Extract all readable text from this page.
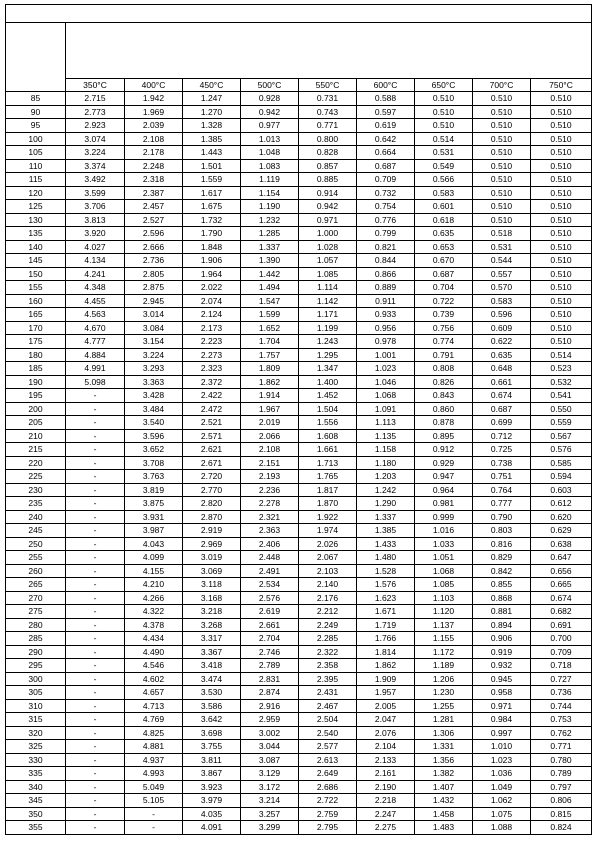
	350°C	400°C	450°C	500°C	550°C	600°C	650°C	700°C	750°C
85	2.715	1.942	1.247	0.928	0.731	0.588	0.510	0.510	0.510
90	2.773	1.969	1.270	0.942	0.743	0.597	0.510	0.510	0.510
95	2.923	2.039	1.328	0.977	0.771	0.619	0.510	0.510	0.510
100	3.074	2.108	1.385	1.013	0.800	0.642	0.514	0.510	0.510
105	3.224	2.178	1.443	1.048	0.828	0.664	0.531	0.510	0.510
110	3.374	2.248	1.501	1.083	0.857	0.687	0.549	0.510	0.510
115	3.492	2.318	1.559	1.119	0.885	0.709	0.566	0.510	0.510
120	3.599	2.387	1.617	1.154	0.914	0.732	0.583	0.510	0.510
125	3.706	2.457	1.675	1.190	0.942	0.754	0.601	0.510	0.510
130	3.813	2.527	1.732	1.232	0.971	0.776	0.618	0.510	0.510
135	3.920	2.596	1.790	1.285	1.000	0.799	0.635	0.518	0.510
140	4.027	2.666	1.848	1.337	1.028	0.821	0.653	0.531	0.510
145	4.134	2.736	1.906	1.390	1.057	0.844	0.670	0.544	0.510
150	4.241	2.805	1.964	1.442	1.085	0.866	0.687	0.557	0.510
155	4.348	2.875	2.022	1.494	1.114	0.889	0.704	0.570	0.510
160	4.455	2.945	2.074	1.547	1.142	0.911	0.722	0.583	0.510
165	4.563	3.014	2.124	1.599	1.171	0.933	0.739	0.596	0.510
170	4.670	3.084	2.173	1.652	1.199	0.956	0.756	0.609	0.510
175	4.777	3.154	2.223	1.704	1.243	0.978	0.774	0.622	0.510
180	4.884	3.224	2.273	1.757	1.295	1.001	0.791	0.635	0.514
185	4.991	3.293	2.323	1.809	1.347	1.023	0.808	0.648	0.523
190	5.098	3.363	2.372	1.862	1.400	1.046	0.826	0.661	0.532
195	-	3.428	2.422	1.914	1.452	1.068	0.843	0.674	0.541
200	-	3.484	2.472	1.967	1.504	1.091	0.860	0.687	0.550
205	-	3.540	2.521	2.019	1.556	1.113	0.878	0.699	0.559
210	-	3.596	2.571	2.066	1.608	1.135	0.895	0.712	0.567
215	-	3.652	2.621	2.108	1.661	1.158	0.912	0.725	0.576
220	-	3.708	2.671	2.151	1.713	1.180	0.929	0.738	0.585
225	-	3.763	2.720	2.193	1.765	1.203	0.947	0.751	0.594
230	-	3.819	2.770	2.236	1.817	1.242	0.964	0.764	0.603
235	-	3.875	2.820	2.278	1.870	1.290	0.981	0.777	0.612
240	-	3.931	2.870	2.321	1.922	1.337	0.999	0.790	0.620
245	-	3.987	2.919	2.363	1.974	1.385	1.016	0.803	0.629
250	-	4.043	2.969	2.406	2.026	1.433	1.033	0.816	0.638
255	-	4.099	3.019	2.448	2.067	1.480	1.051	0.829	0.647
260	-	4.155	3.069	2.491	2.103	1.528	1.068	0.842	0.656
265	-	4.210	3.118	2.534	2.140	1.576	1.085	0.855	0.665
270	-	4.266	3.168	2.576	2.176	1.623	1.103	0.868	0.674
275	-	4.322	3.218	2.619	2.212	1.671	1.120	0.881	0.682
280	-	4.378	3.268	2.661	2.249	1.719	1.137	0.894	0.691
285	-	4.434	3.317	2.704	2.285	1.766	1.155	0.906	0.700
290	-	4.490	3.367	2.746	2.322	1.814	1.172	0.919	0.709
295	-	4.546	3.418	2.789	2.358	1.862	1.189	0.932	0.718
300	-	4.602	3.474	2.831	2.395	1.909	1.206	0.945	0.727
305	-	4.657	3.530	2.874	2.431	1.957	1.230	0.958	0.736
310	-	4.713	3.586	2.916	2.467	2.005	1.255	0.971	0.744
315	-	4.769	3.642	2.959	2.504	2.047	1.281	0.984	0.753
320	-	4.825	3.698	3.002	2.540	2.076	1.306	0.997	0.762
325	-	4.881	3.755	3.044	2.577	2.104	1.331	1.010	0.771
330	-	4.937	3.811	3.087	2.613	2.133	1.356	1.023	0.780
335	-	4.993	3.867	3.129	2.649	2.161	1.382	1.036	0.789
340	-	5.049	3.923	3.172	2.686	2.190	1.407	1.049	0.797
345	-	5.105	3.979	3.214	2.722	2.218	1.432	1.062	0.806
350	-	-	4.035	3.257	2.759	2.247	1.458	1.075	0.815
355	-	-	4.091	3.299	2.795	2.275	1.483	1.088	0.824
